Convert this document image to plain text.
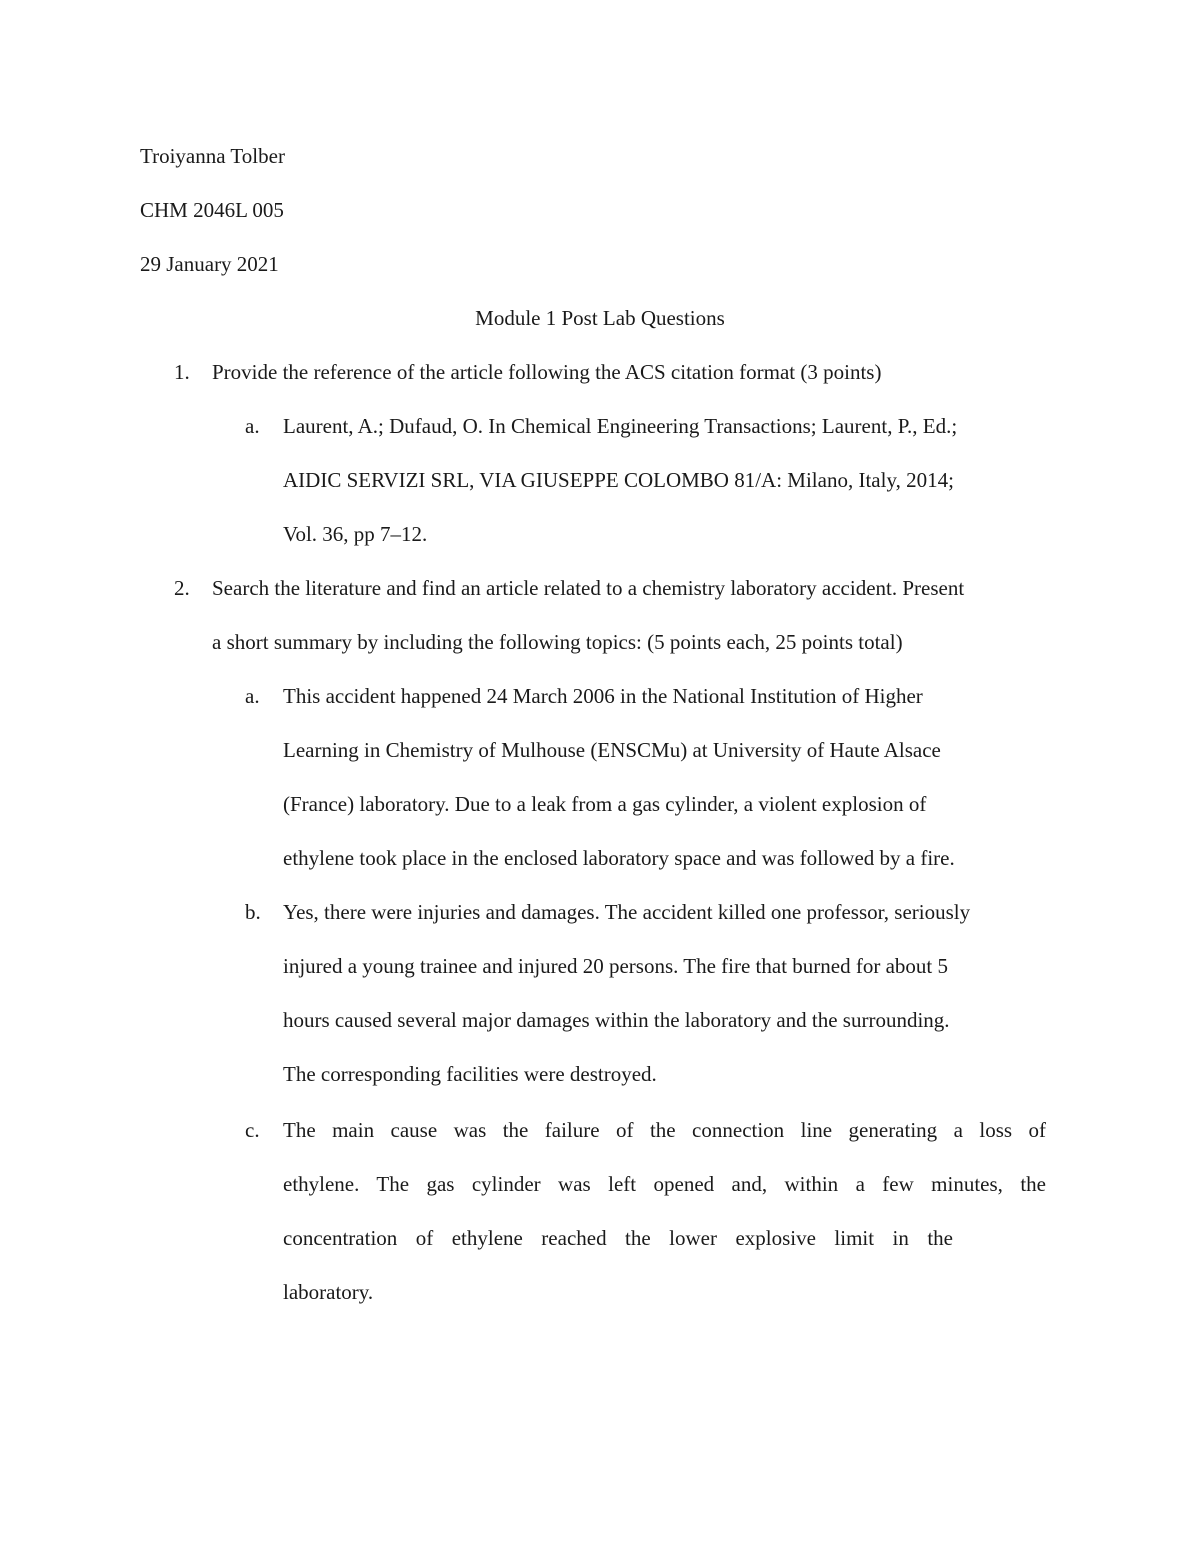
Troiyanna Tolber
CHM 2046L 005
29 January 2021
Module 1 Post Lab Questions
1. Provide the reference of the article following the ACS citation format (3 points)
a. Laurent, A.; Dufaud, O. In Chemical Engineering Transactions; Laurent, P., Ed.;
AIDIC SERVIZI SRL, VIA GIUSEPPE COLOMBO 81/A: Milano, Italy, 2014;
Vol. 36, pp 7–12.
2. Search the literature and find an article related to a chemistry laboratory accident. Present
a short summary by including the following topics: (5 points each, 25 points total)
a. This accident happened 24 March 2006 in the National Institution of Higher
Learning in Chemistry of Mulhouse (ENSCMu) at University of Haute Alsace
(France) laboratory. Due to a leak from a gas cylinder, a violent explosion of
ethylene took place in the enclosed laboratory space and was followed by a fire.
b. Yes, there were injuries and damages. The accident killed one professor, seriously
injured a young trainee and injured 20 persons. The fire that burned for about 5
hours caused several major damages within the laboratory and the surrounding.
The corresponding facilities were destroyed.
c. The main cause was the failure of the connection line generating a loss of
ethylene. The gas cylinder was left opened and, within a few minutes, the
concentration of ethylene reached the lower explosive limit in the
laboratory.
